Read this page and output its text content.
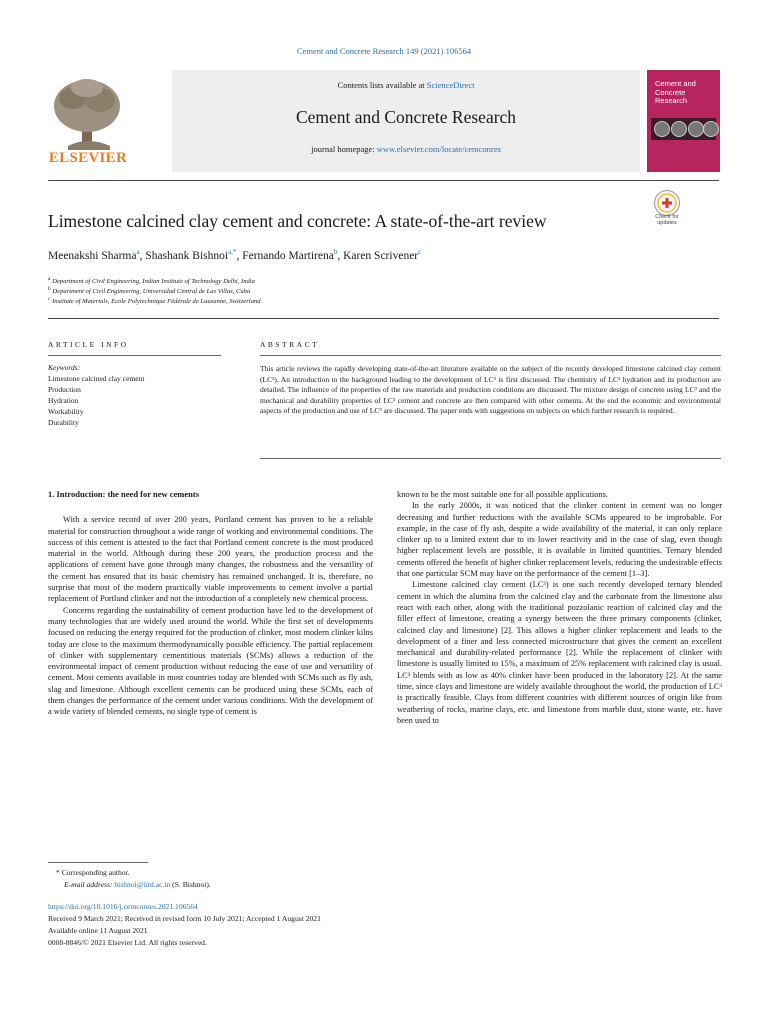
Cement and Concrete Research 149 (2021) 106564
ELSEVIER
Contents lists available at ScienceDirect
Cement and Concrete Research
journal homepage: www.elsevier.com/locate/cemconres
Cement and Concrete Research
Limestone calcined clay cement and concrete: A state-of-the-art review	Check for updates
Meenakshi Sharma$^a$, Shashank Bishnoi$^{a,*}$, Fernando Martirena$^b$, Karen Scrivener$^c$
$^a$ Department of Civil Engineering, Indian Institute of Technology Delhi, India
$^b$ Department of Civil Engineering, Universidad Central de Las Villas, Cuba
$^c$ Institute of Materials, Ecole Polytechnique Fédérale de Lausanne, Switzerland
ARTICLE INFO
Keywords:
Limestone calcined clay cement
Production
Hydration
Workability
Durability
ABSTRACT
This article reviews the rapidly developing state-of-the-art literature available on the subject of the recently developed limestone calcined clay cement (LC³). An introduction to the background leading to the development of LC³ is first discussed. The chemistry of LC³ hydration and its production are detailed. The influence of the properties of the raw materials and production conditions are discussed. The mixture design of concrete using LC³ and the mechanical and durability properties of LC³ cement and concrete are then compared with other cements. At the end the economic and environmental aspects of the production and use of LC³ are discussed. The paper ends with suggestions on subjects on which further research is required.
1. Introduction: the need for new cements

With a service record of over 200 years, Portland cement has proven to be a reliable material for construction throughout a wide range of working and environmental conditions. The success of this cement is attested to the fact that Portland cement concrete is the most produced material in the world. Although during these 200 years, the production process and the applications of cement have gone through many changes, the robustness and the versatility of the cement has ensured that its basic chemistry has remained unchanged. It is, therefore, no surprise that most of the modern practically viable improvements to cement involve a partial replacement of Portland clinker and not the introduction of a completely new chemical process.

Concerns regarding the sustainability of cement production have led to the development of many technologies that are widely used around the world. While the first set of developments focused on reducing the energy required for the production of clinker, most modern clinker kilns today are close to the maximum thermodynamically possible efficiency. The partial replacement of clinker with supplementary cementitious materials (SCMs) allows a reduction of the environmental impact of cement production without reducing the ease of use and versatility of cement. Most cements available in most countries today are blended with SCMs such as fly ash, slag and limestone. Although excellent cements can be produced using these SCMs, each of them changes the performance of the cement under various conditions. With the development of a wide variety of blended cements, no single type of cement is

known to be the most suitable one for all possible applications.

In the early 2000s, it was noticed that the clinker content in cement was no longer decreasing and further reductions with the available SCMs appeared to be improbable. For example, in the case of fly ash, despite a wide availability of the material, it can only replace clinker up to a limited extent due to its lower reactivity and in the case of slag, even though higher replacement levels are possible, it is available in limited quantities. Ternary blended cements offered the benefit of higher clinker replacement levels, reducing the undesirable effects that one particular SCM may have on the performance of the cement [1–3].

Limestone calcined clay cement (LC³) is one such recently developed ternary blended cement in which the alumina from the calcined clay and the carbonate from the limestone also react with each other, along with the traditional pozzolanic reaction of calcined clay and the filler effect of limestone, creating a synergy between the three primary components (clinker, calcined clay and limestone) [2]. This allows a higher clinker replacement and leads to the development of a finer and less connected microstructure that gives the cement an excellent mechanical and durability-related performance [2]. While the replacement of clinker with limestone is usually limited to 15%, a maximum of 25% replacement with calcined clay is usual. LC³ blends with as low as 40% clinker have been produced in the laboratory [2]. At the same time, since clays and limestone are widely available throughout the world, the production of LC³ is practically feasible. Clays from different countries with different sources of origin like from weathering of rocks, marine clays, etc. and limestone from marble dust, stone waste, etc. have been used to

* Corresponding author.
E-mail address: bishnoi@iitd.ac.in (S. Bishnoi).
https://doi.org/10.1016/j.cemconres.2021.106564
Received 9 March 2021; Received in revised form 10 July 2021; Accepted 1 August 2021
Available online 11 August 2021
0008-8846/© 2021 Elsevier Ltd. All rights reserved.
